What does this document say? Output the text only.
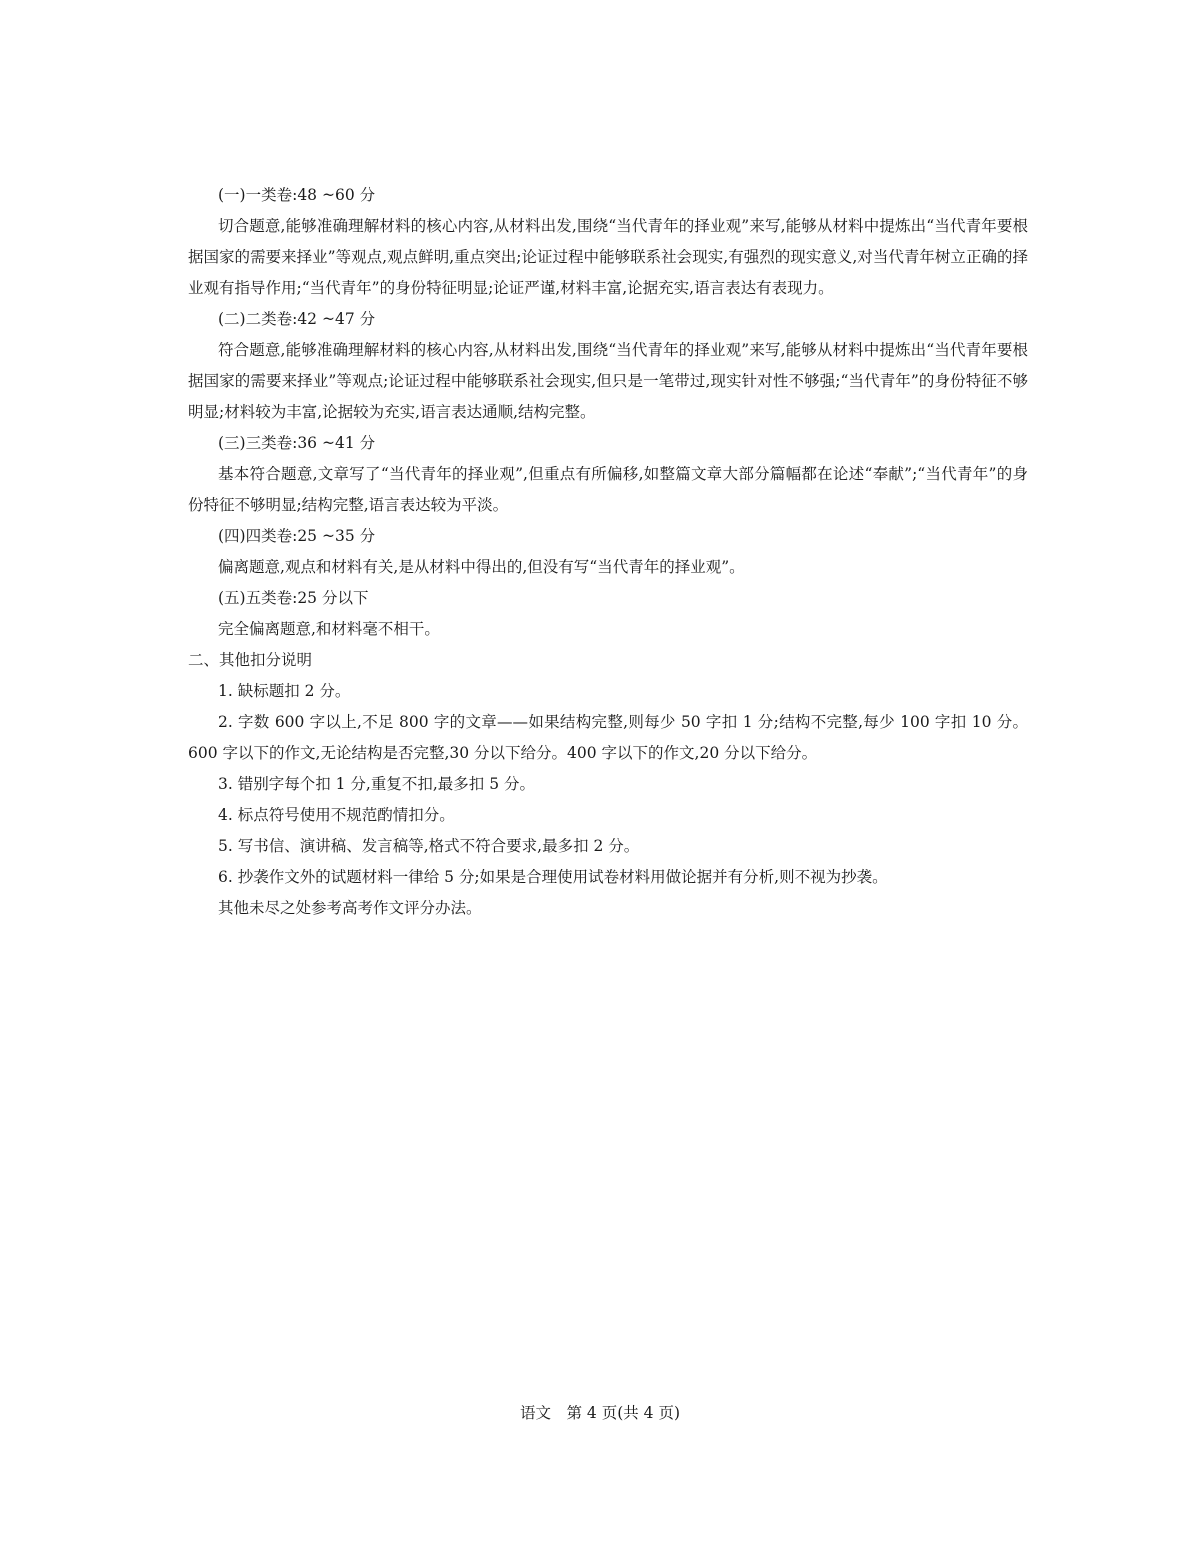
(一)一类卷:48 ~60 分

切合题意,能够准确理解材料的核心内容,从材料出发,围绕“当代青年的择业观”来写,能够从材料中提炼出“当代青年要根据国家的需要来择业”等观点,观点鲜明,重点突出;论证过程中能够联系社会现实,有强烈的现实意义,对当代青年树立正确的择业观有指导作用;“当代青年”的身份特征明显;论证严谨,材料丰富,论据充实,语言表达有表现力。

(二)二类卷:42 ~47 分

符合题意,能够准确理解材料的核心内容,从材料出发,围绕“当代青年的择业观”来写,能够从材料中提炼出“当代青年要根据国家的需要来择业”等观点;论证过程中能够联系社会现实,但只是一笔带过,现实针对性不够强;“当代青年”的身份特征不够明显;材料较为丰富,论据较为充实,语言表达通顺,结构完整。

(三)三类卷:36 ~41 分

基本符合题意,文章写了“当代青年的择业观”,但重点有所偏移,如整篇文章大部分篇幅都在论述“奉献”;“当代青年”的身份特征不够明显;结构完整,语言表达较为平淡。

(四)四类卷:25 ~35 分

偏离题意,观点和材料有关,是从材料中得出的,但没有写“当代青年的择业观”。

(五)五类卷:25 分以下

完全偏离题意,和材料毫不相干。

二、其他扣分说明

1. 缺标题扣 2 分。

2. 字数 600 字以上,不足 800 字的文章——如果结构完整,则每少 50 字扣 1 分;结构不完整,每少 100 字扣 10 分。600 字以下的作文,无论结构是否完整,30 分以下给分。400 字以下的作文,20 分以下给分。

3. 错别字每个扣 1 分,重复不扣,最多扣 5 分。

4. 标点符号使用不规范酌情扣分。

5. 写书信、演讲稿、发言稿等,格式不符合要求,最多扣 2 分。

6. 抄袭作文外的试题材料一律给 5 分;如果是合理使用试卷材料用做论据并有分析,则不视为抄袭。

其他未尽之处参考高考作文评分办法。

语文　第 4 页(共 4 页)
